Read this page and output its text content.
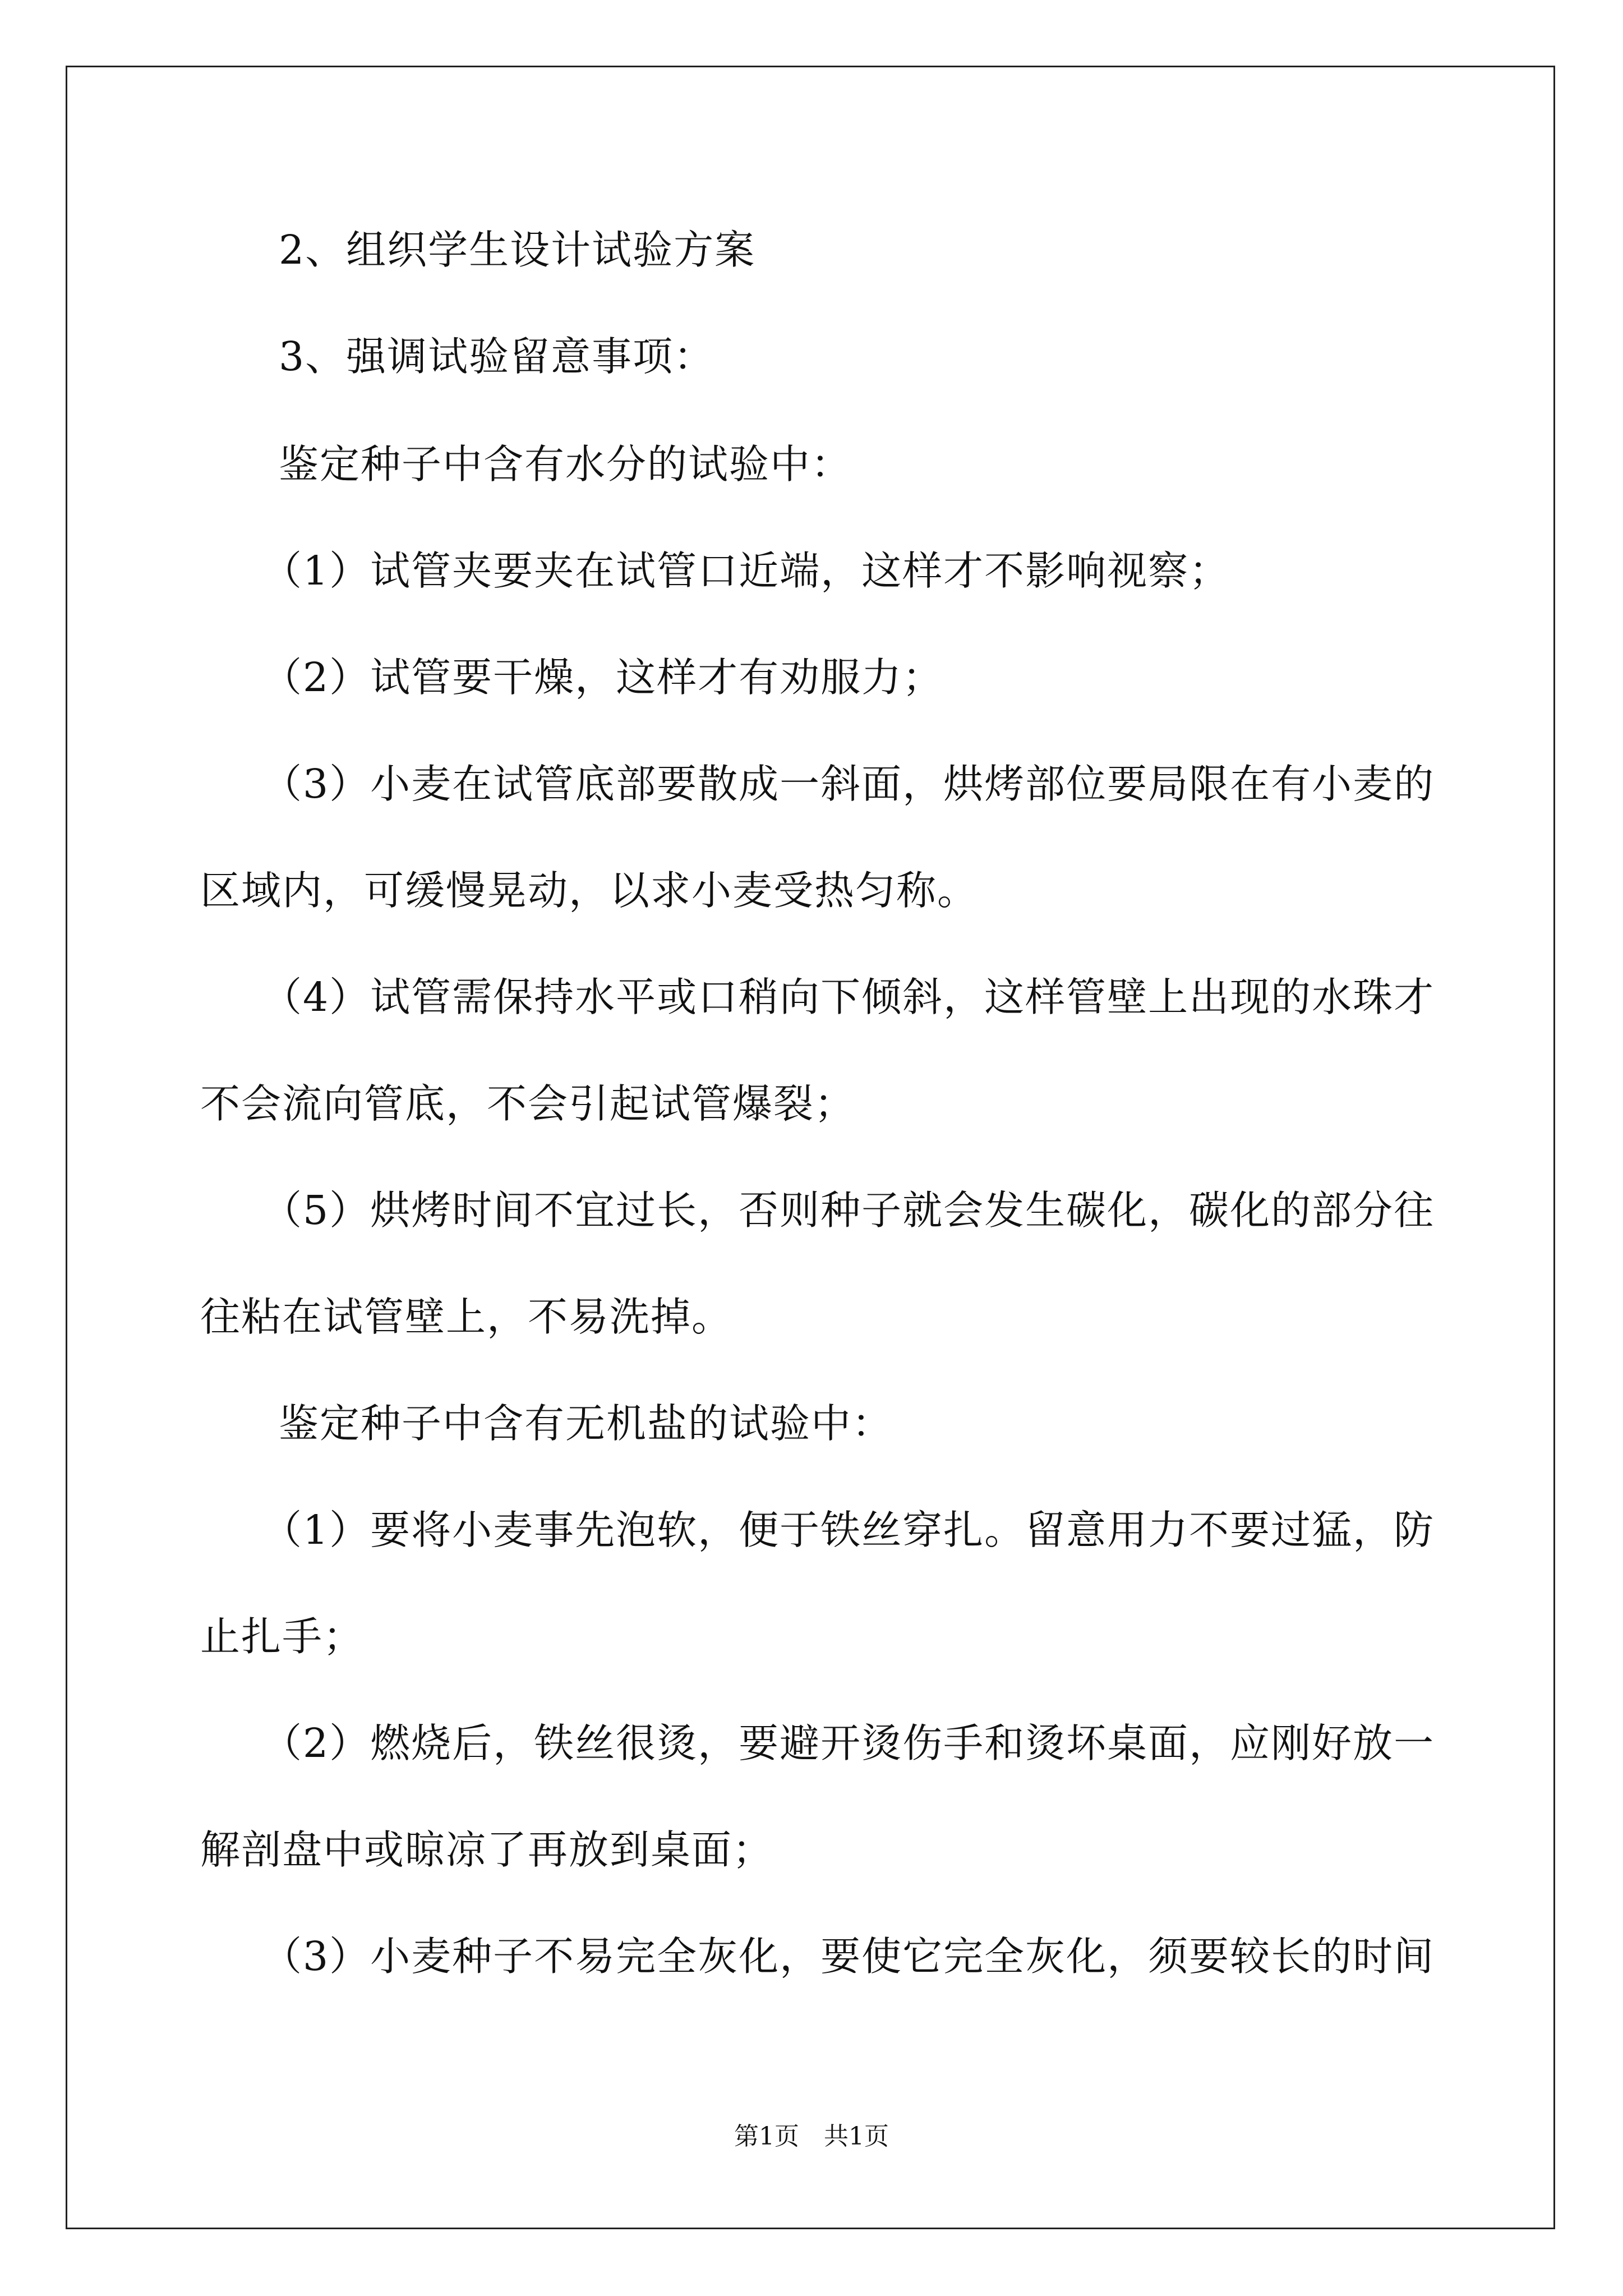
2、组织学生设计试验方案
3、强调试验留意事项：
鉴定种子中含有水分的试验中：
（1）试管夹要夹在试管口近端，这样才不影响视察；
（2）试管要干燥，这样才有劝服力；
（3）小麦在试管底部要散成一斜面，烘烤部位要局限在有小麦的
区域内，可缓慢晃动，以求小麦受热匀称。
（4）试管需保持水平或口稍向下倾斜，这样管壁上出现的水珠才
不会流向管底，不会引起试管爆裂；
（5）烘烤时间不宜过长，否则种子就会发生碳化，碳化的部分往
往粘在试管壁上，不易洗掉。
鉴定种子中含有无机盐的试验中：
（1）要将小麦事先泡软，便于铁丝穿扎。留意用力不要过猛，防
止扎手；
（2）燃烧后，铁丝很烫，要避开烫伤手和烫坏桌面，应刚好放一
解剖盘中或晾凉了再放到桌面；
（3）小麦种子不易完全灰化，要使它完全灰化，须要较长的时间
第1页　共1页
